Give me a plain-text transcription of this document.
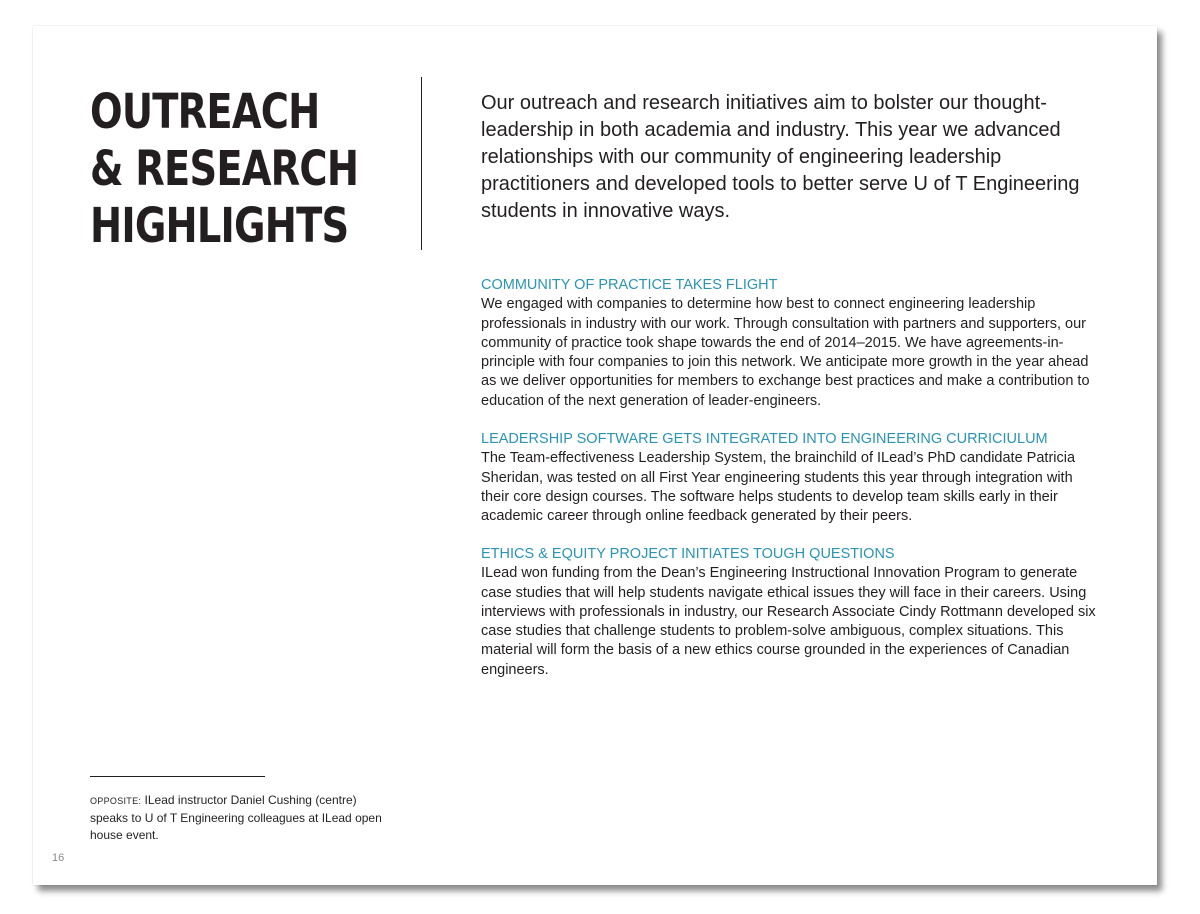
OUTREACH
& RESEARCH
HIGHLIGHTS

Our outreach and research initiatives aim to bolster our thought-leadership in both academia and industry. This year we advanced relationships with our community of engineering leadership practitioners and developed tools to better serve U of T Engineering students in innovative ways.

COMMUNITY OF PRACTICE TAKES FLIGHT

We engaged with companies to determine how best to connect engineering leadership professionals in industry with our work. Through consultation with partners and supporters, our community of practice took shape towards the end of 2014–2015. We have agreements-in-principle with four companies to join this network. We anticipate more growth in the year ahead as we deliver opportunities for members to exchange best practices and make a contribution to education of the next generation of leader-engineers.

LEADERSHIP SOFTWARE GETS INTEGRATED INTO ENGINEERING CURRICIULUM

The Team-effectiveness Leadership System, the brainchild of ILead’s PhD candidate Patricia Sheridan, was tested on all First Year engineering students this year through integration with their core design courses. The software helps students to develop team skills early in their academic career through online feedback generated by their peers.

ETHICS & EQUITY PROJECT INITIATES TOUGH QUESTIONS

ILead won funding from the Dean’s Engineering Instructional Innovation Program to generate case studies that will help students navigate ethical issues they will face in their careers. Using interviews with professionals in industry, our Research Associate Cindy Rottmann developed six case studies that challenge students to problem-solve ambiguous, complex situations. This material will form the basis of a new ethics course grounded in the experiences of Canadian engineers.

OPPOSITE: ILead instructor Daniel Cushing (centre) speaks to U of T Engineering colleagues at ILead open house event.

16
